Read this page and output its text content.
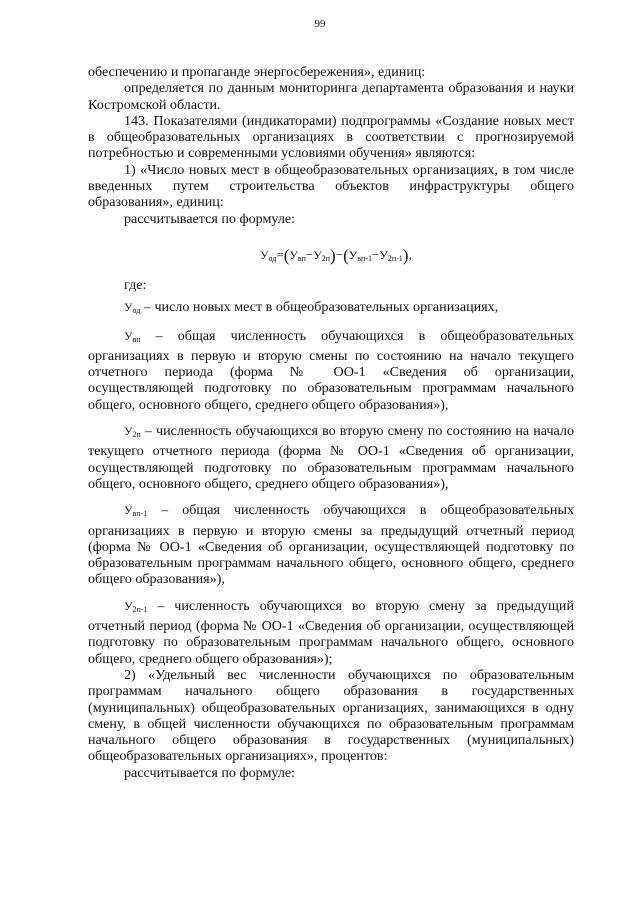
99

обеспечению и пропаганде энергосбережения», единиц:

определяется по данным мониторинга департамента образования и науки Костромской области.

143. Показателями (индикаторами) подпрограммы «Создание новых мест в общеобразовательных организациях в соответствии с прогнозируемой потребностью и современными условиями обучения» являются:

1) «Число новых мест в общеобразовательных организациях, в том числе введенных путем строительства объектов инфраструктуры общего образования», единиц:

рассчитывается по формуле:

$У_{од}=(У_{вп}-У_{2п})-(У_{вп-1}-У_{2п-1})$,

где:

$У_{од}$ – число новых мест в общеобразовательных организациях,

$У_{вп}$ – общая численность обучающихся в общеобразовательных организациях в первую и вторую смены по состоянию на начало текущего отчетного периода (форма № ОО-1 «Сведения об организации, осуществляющей подготовку по образовательным программам начального общего, основного общего, среднего общего образования»),

$У_{2п}$ – численность обучающихся во вторую смену по состоянию на начало текущего отчетного периода (форма № ОО-1 «Сведения об организации, осуществляющей подготовку по образовательным программам начального общего, основного общего, среднего общего образования»),

$У_{вп-1}$ – общая численность обучающихся в общеобразовательных организациях в первую и вторую смены за предыдущий отчетный период (форма № ОО-1 «Сведения об организации, осуществляющей подготовку по образовательным программам начального общего, основного общего, среднего общего образования»),

$У_{2п-1}$ – численность обучающихся во вторую смену за предыдущий отчетный период (форма № ОО-1 «Сведения об организации, осуществляющей подготовку по образовательным программам начального общего, основного общего, среднего общего образования»);

2) «Удельный вес численности обучающихся по образовательным программам начального общего образования в государственных (муниципальных) общеобразовательных организациях, занимающихся в одну смену, в общей численности обучающихся по образовательным программам начального общего образования в государственных (муниципальных) общеобразовательных организациях», процентов:

рассчитывается по формуле:
